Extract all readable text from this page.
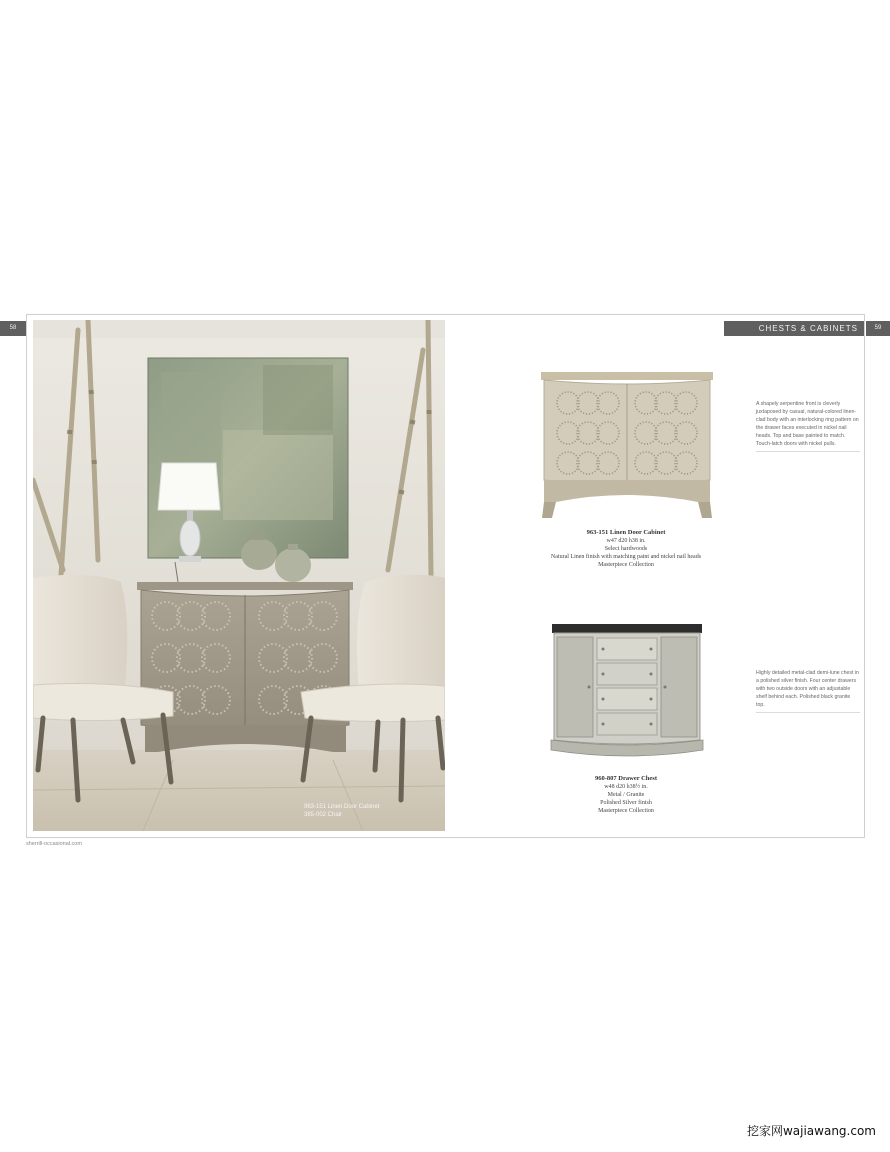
58	CHESTS & CABINETS	59
963-151 Linen Door Cabinet
385-002 Chair
963-151 Linen Door Cabinet
w47 d20 h38 in.
Select hardwoods
Natural Linen finish with matching paint and nickel nail heads
Masterpiece Collection
A shapely serpentine front is cleverly juxtaposed by casual, natural-colored linen-clad body with an interlocking ring pattern on the drawer faces executed in nickel nail heads. Top and base painted to match. Touch-latch doors with nickel pulls.
960-807 Drawer Chest
w48 d20 h38½ in.
Metal / Granite
Polished Silver finish
Masterpiece Collection
Highly detailed metal-clad demi-lune chest in a polished silver finish. Four center drawers with two outside doors with an adjustable shelf behind each. Polished black granite top.
sherrill-occasional.com
挖家网wajiawang.com
